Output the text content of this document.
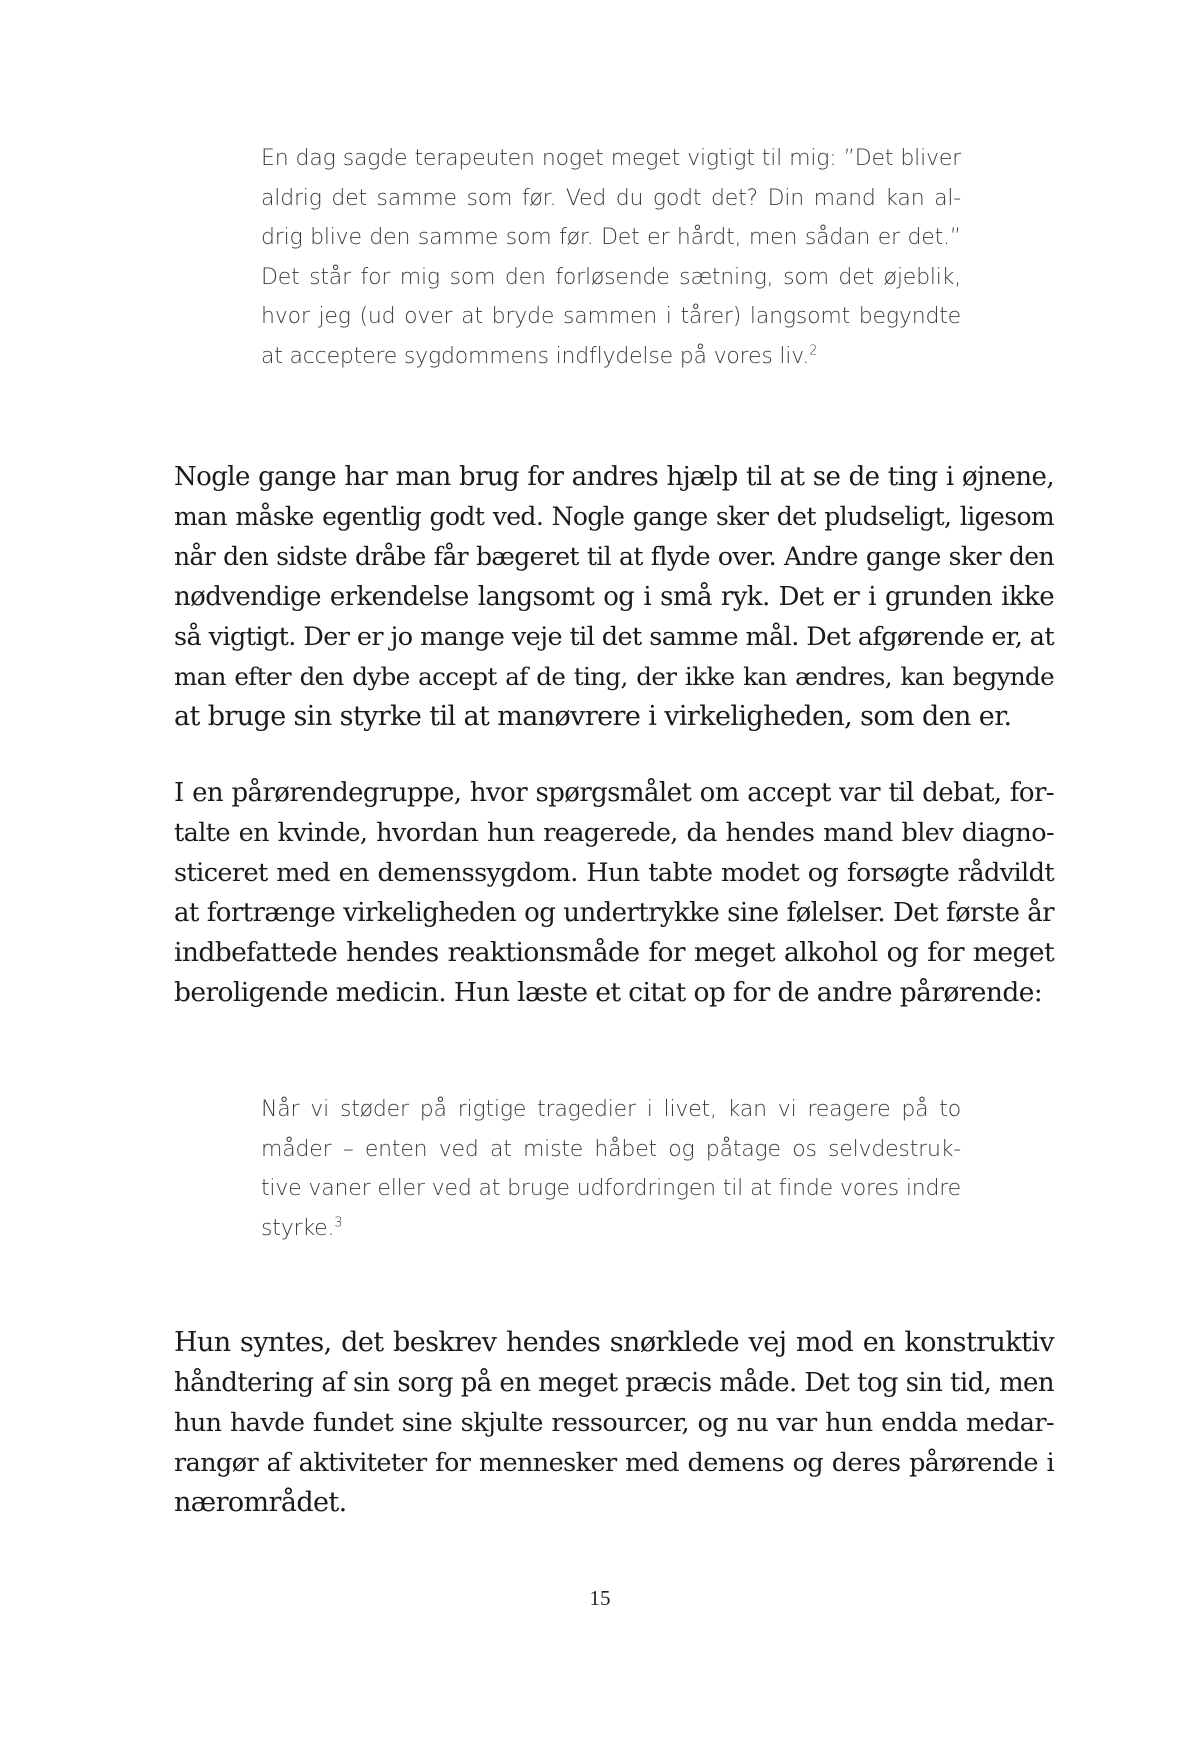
En dag sagde terapeuten noget meget vigtigt til mig: ”Det bliver
aldrig det samme som før. Ved du godt det? Din mand kan al-
drig blive den samme som før. Det er hårdt, men sådan er det.”
Det står for mig som den forløsende sætning, som det øjeblik,
hvor jeg (ud over at bryde sammen i tårer) langsomt begyndte
at acceptere sygdommens indflydelse på vores liv.$^2$
Nogle gange har man brug for andres hjælp til at se de ting i øjnene,
man måske egentlig godt ved. Nogle gange sker det pludseligt, ligesom
når den sidste dråbe får bægeret til at flyde over. Andre gange sker den
nødvendige erkendelse langsomt og i små ryk. Det er i grunden ikke
så vigtigt. Der er jo mange veje til det samme mål. Det afgørende er, at
man efter den dybe accept af de ting, der ikke kan ændres, kan begynde
at bruge sin styrke til at manøvrere i virkeligheden, som den er.
I en pårørendegruppe, hvor spørgsmålet om accept var til debat, for-
talte en kvinde, hvordan hun reagerede, da hendes mand blev diagno-
sticeret med en demenssygdom. Hun tabte modet og forsøgte rådvildt
at fortrænge virkeligheden og undertrykke sine følelser. Det første år
indbefattede hendes reaktionsmåde for meget alkohol og for meget
beroligende medicin. Hun læste et citat op for de andre pårørende:
Når vi støder på rigtige tragedier i livet, kan vi reagere på to
måder – enten ved at miste håbet og påtage os selvdestruk-
tive vaner eller ved at bruge udfordringen til at finde vores indre
styrke.$^3$
Hun syntes, det beskrev hendes snørklede vej mod en konstruktiv
håndtering af sin sorg på en meget præcis måde. Det tog sin tid, men
hun havde fundet sine skjulte ressourcer, og nu var hun endda medar-
rangør af aktiviteter for mennesker med demens og deres pårørende i
nærområdet.
15
